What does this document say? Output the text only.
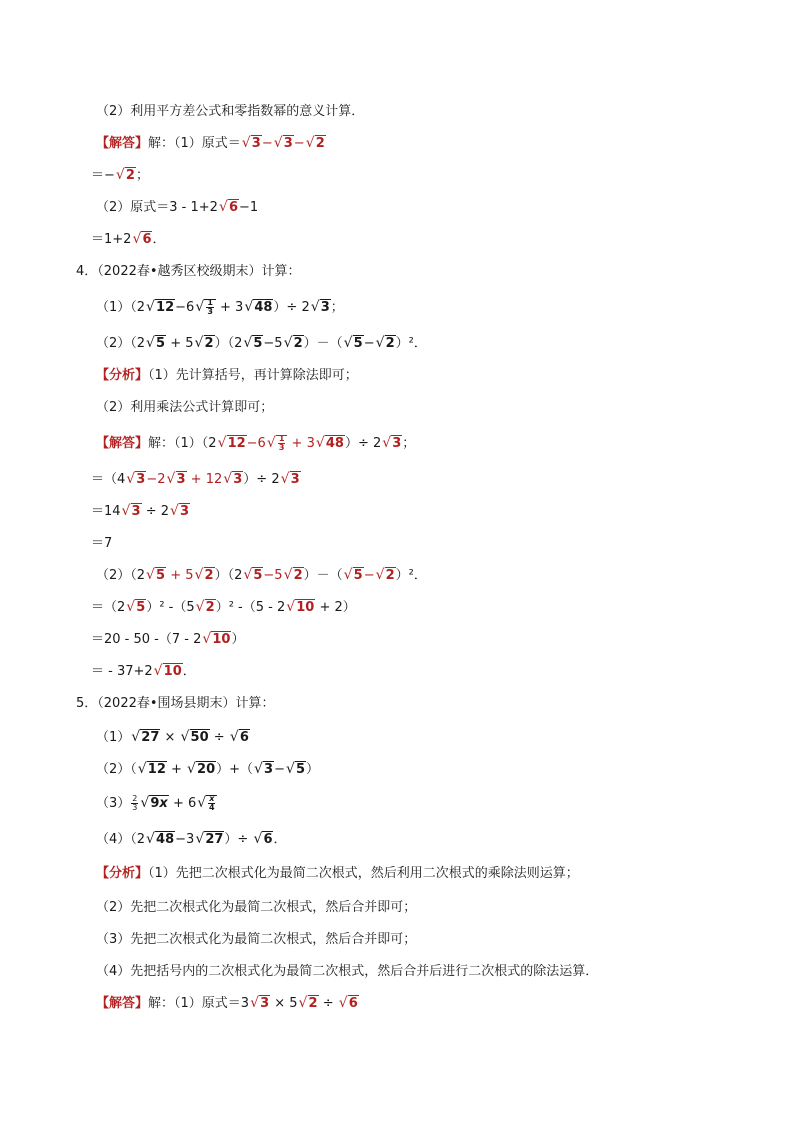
（2）利用平方差公式和零指数幂的意义计算．
【解答】解：（1）原式＝√ 3−√ 3−√ 2
＝−√ 2；
（2）原式＝3 - 1+2√ 6−1
＝1+2√ 6．
4．（2022春•越秀区校级期末）计算：
（1）（2√ 12−6
√ $\frac{1}{3} + 3√$ 48）÷ 2√ 3；
（2）（2√ 5 + 5√ 2）（2√ 5−5√ 2）－（√ 5−√ 2）²．
【分析】（1）先计算括号，再计算除法即可；
（2）利用乘法公式计算即可；
【解答】解：（1）（2√ 12−6
√ $\frac{1}{3} + 3√$ 48）÷ 2√ 3；
＝（4√ 3−2√ 3 + 12√ 3）÷ 2√ 3
＝14√ 3 ÷ 2√ 3
＝7
（2）（2√ 5 + 5√ 2）（2√ 5−5√ 2）－（√ 5−√ 2）²．
＝（2√ 5）² -（5√ 2）² -（5 - 2√ 10 + 2）
＝20 - 50 -（7 - 2√ 10）
＝ - 37+2√ 10．
5．（2022春•围场县期末）计算：
（1）√ 27 × √ 50 ÷ √ 6
（2）（√ 12 + √ 20）+（√ 3−√ 5）
$(3) \frac{2}{3}$
√ 9x + 6
√ $\frac{x}{4}$
（4）（2√ 48−3√ 27）÷ √ 6．
【分析】（1）先把二次根式化为最简二次根式，然后利用二次根式的乘除法则运算；
（2）先把二次根式化为最简二次根式，然后合并即可；
（3）先把二次根式化为最简二次根式，然后合并即可；
（4）先把括号内的二次根式化为最简二次根式，然后合并后进行二次根式的除法运算．
【解答】解：（1）原式＝3√ 3 × 5√ 2 ÷ √ 6
